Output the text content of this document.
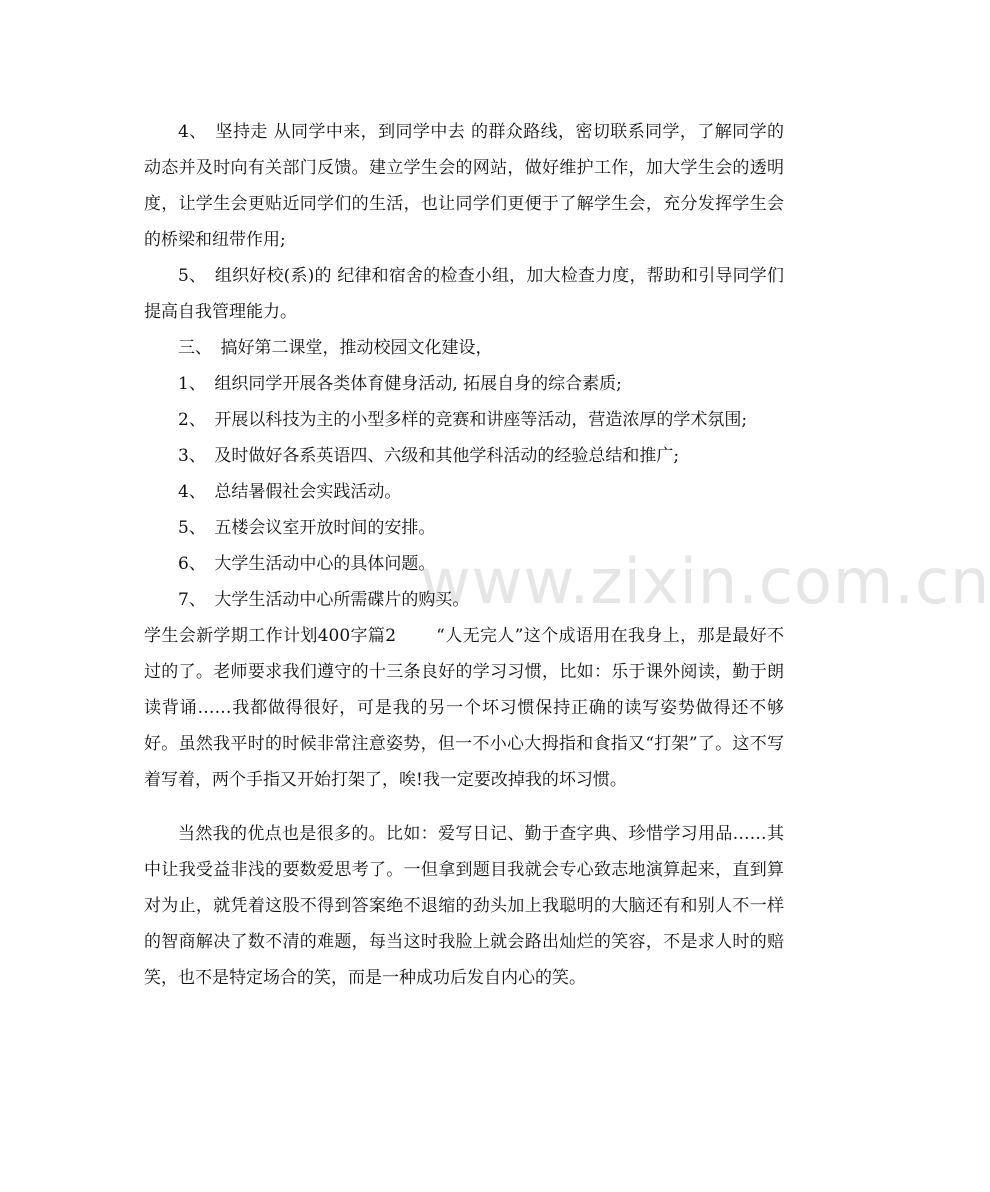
www.zixin.com.cn

4、　坚持走 从同学中来，到同学中去 的群众路线，密切联系同学，了解同学的动态并及时向有关部门反馈。建立学生会的网站，做好维护工作，加大学生会的透明度，让学生会更贴近同学们的生活，也让同学们更便于了解学生会，充分发挥学生会的桥梁和纽带作用;

5、　组织好校(系)的 纪律和宿舍的检查小组，加大检查力度，帮助和引导同学们提高自我管理能力。

三、　搞好第二课堂，推动校园文化建设，

1、　组织同学开展各类体育健身活动, 拓展自身的综合素质;

2、　开展以科技为主的小型多样的竞赛和讲座等活动，营造浓厚的学术氛围;

3、　及时做好各系英语四、六级和其他学科活动的经验总结和推广;

4、　总结暑假社会实践活动。

5、　五楼会议室开放时间的安排。

6、　大学生活动中心的具体问题。

7、　大学生活动中心所需碟片的购买。

学生会新学期工作计划400字篇2 “人无完人”这个成语用在我身上，那是最好不过的了。老师要求我们遵守的十三条良好的学习习惯，比如：乐于课外阅读，勤于朗读背诵……我都做得很好，可是我的另一个坏习惯保持正确的读写姿势做得还不够好。虽然我平时的时候非常注意姿势，但一不小心大拇指和食指又“打架”了。这不写着写着，两个手指又开始打架了，唉!我一定要改掉我的坏习惯。

当然我的优点也是很多的。比如：爱写日记、勤于查字典、珍惜学习用品……其中让我受益非浅的要数爱思考了。一但拿到题目我就会专心致志地演算起来，直到算对为止，就凭着这股不得到答案绝不退缩的劲头加上我聪明的大脑还有和别人不一样的智商解决了数不清的难题，每当这时我脸上就会路出灿烂的笑容，不是求人时的赔笑，也不是特定场合的笑，而是一种成功后发自内心的笑。
